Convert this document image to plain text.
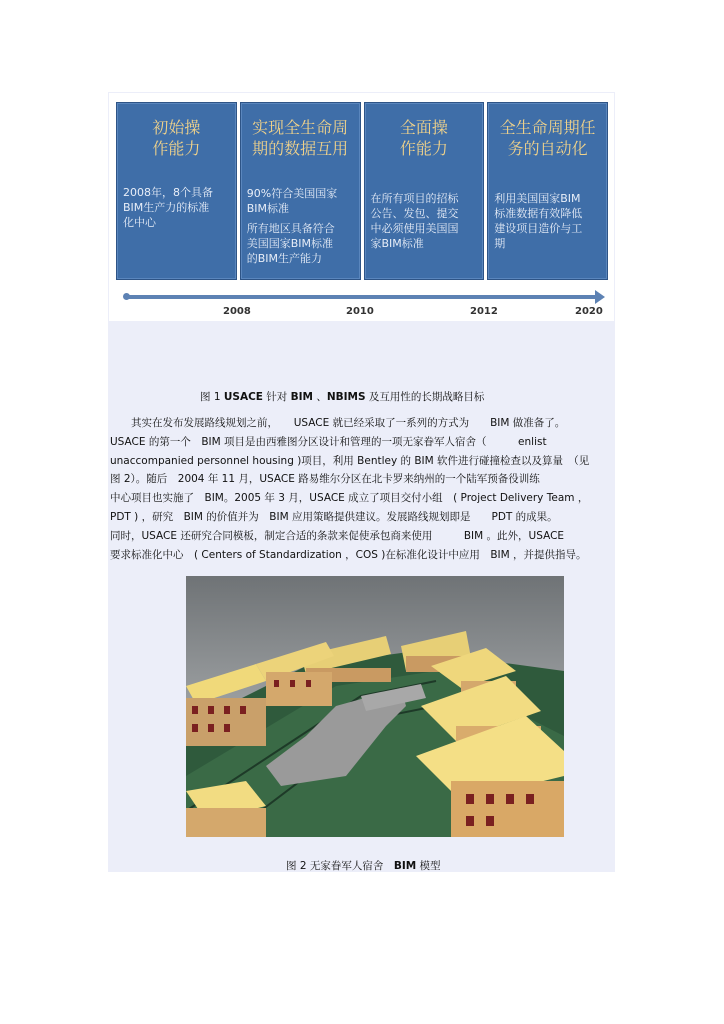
初始操
作能力
2008年，8个具备
BIM生产力的标准
化中心
实现全生命周
期的数据互用
90%符合美国国家
BIM标准
所有地区具备符合
美国国家BIM标准
的BIM生产能力
全面操
作能力
在所有项目的招标
公告、发包、提交
中必须使用美国国
家BIM标准
全生命周期任
务的自动化
利用美国国家BIM
标准数据有效降低
建设项目造价与工
期
2008	2010	2012	2020
图 1 USACE 针对 BIM 、NBIMS 及互用性的长期战略目标
　　其实在发布发展路线规划之前，　　USACE 就已经采取了一系列的方式为　　BIM 做准备了。
USACE 的第一个　BIM 项目是由西雅图分区设计和管理的一项无家眷军人宿舍（　　　enlist
unaccompanied personnel housing )项目，利用 Bentley 的 BIM 软件进行碰撞检查以及算量　（见
图 2）。随后　2004 年 11 月，USACE 路易维尔分区在北卡罗来纳州的一个陆军预备役训练
中心项目也实施了　BIM。2005 年 3 月，USACE 成立了项目交付小组　( Project Delivery Team ，
PDT ) ，研究　BIM 的价值并为　BIM 应用策略提供建议。发展路线规划即是　　PDT 的成果。
同时，USACE 还研究合同模板，制定合适的条款来促使承包商来使用　　　BIM 。此外，USACE
要求标准化中心　( Centers of Standardization ，COS )在标准化设计中应用　BIM ，并提供指导。
图 2 无家眷军人宿舍　BIM 模型
